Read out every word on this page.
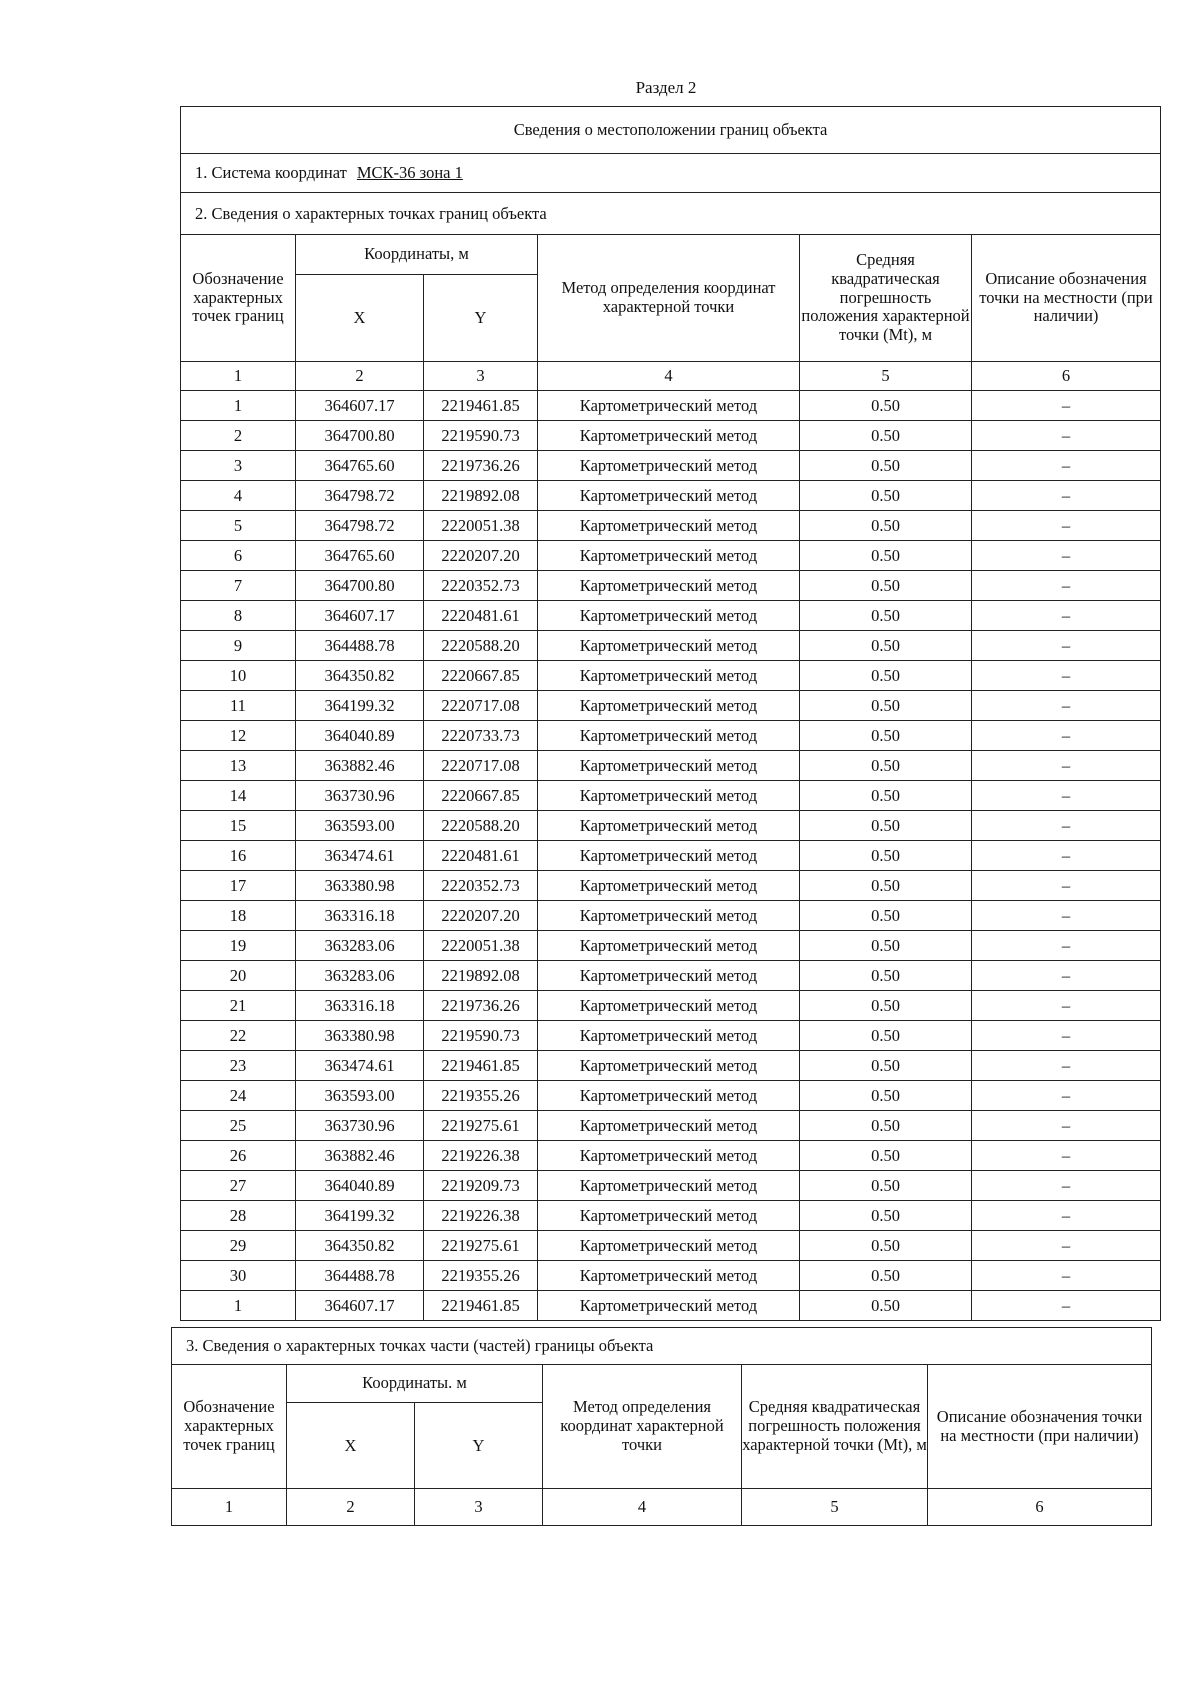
Раздел 2
Сведения о местоположении границ объекта					
1. Система координат МСК-36 зона 1					
2. Сведения о характерных точках границ объекта					
Обозначение характерных точек границ	Координаты, м		Метод определения координат характерной точки	Средняя квадратическая погрешность положения характерной точки (Mt), м	Описание обозначения точки на местности (при наличии)
	X	Y			
1	2	3	4	5	6
1	364607.17	2219461.85	Картометрический метод	0.50	–
2	364700.80	2219590.73	Картометрический метод	0.50	–
3	364765.60	2219736.26	Картометрический метод	0.50	–
4	364798.72	2219892.08	Картометрический метод	0.50	–
5	364798.72	2220051.38	Картометрический метод	0.50	–
6	364765.60	2220207.20	Картометрический метод	0.50	–
7	364700.80	2220352.73	Картометрический метод	0.50	–
8	364607.17	2220481.61	Картометрический метод	0.50	–
9	364488.78	2220588.20	Картометрический метод	0.50	–
10	364350.82	2220667.85	Картометрический метод	0.50	–
11	364199.32	2220717.08	Картометрический метод	0.50	–
12	364040.89	2220733.73	Картометрический метод	0.50	–
13	363882.46	2220717.08	Картометрический метод	0.50	–
14	363730.96	2220667.85	Картометрический метод	0.50	–
15	363593.00	2220588.20	Картометрический метод	0.50	–
16	363474.61	2220481.61	Картометрический метод	0.50	–
17	363380.98	2220352.73	Картометрический метод	0.50	–
18	363316.18	2220207.20	Картометрический метод	0.50	–
19	363283.06	2220051.38	Картометрический метод	0.50	–
20	363283.06	2219892.08	Картометрический метод	0.50	–
21	363316.18	2219736.26	Картометрический метод	0.50	–
22	363380.98	2219590.73	Картометрический метод	0.50	–
23	363474.61	2219461.85	Картометрический метод	0.50	–
24	363593.00	2219355.26	Картометрический метод	0.50	–
25	363730.96	2219275.61	Картометрический метод	0.50	–
26	363882.46	2219226.38	Картометрический метод	0.50	–
27	364040.89	2219209.73	Картометрический метод	0.50	–
28	364199.32	2219226.38	Картометрический метод	0.50	–
29	364350.82	2219275.61	Картометрический метод	0.50	–
30	364488.78	2219355.26	Картометрический метод	0.50	–
1	364607.17	2219461.85	Картометрический метод	0.50	–
3. Сведения о характерных точках части (частей) границы объекта					
Обозначение характерных точек границ	Координаты. м		Метод определения координат характерной точки	Средняя квадратическая погрешность положения характерной точки (Mt), м	Описание обозначения точки на местности (при наличии)
	X	Y			
1	2	3	4	5	6
